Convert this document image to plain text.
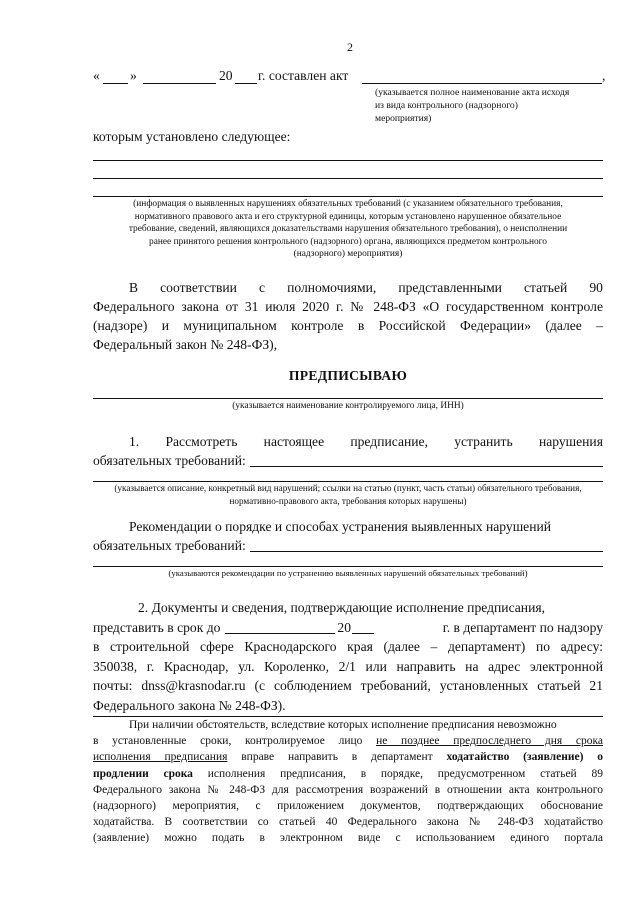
2
« »	20 г. составлен акт	,
(указывается полное наименование акта исходя
из вида контрольного (надзорного)
мероприятия)
которым установлено следующее:
(информация о выявленных нарушениях обязательных требований (с указанием обязательного требования,
нормативного правового акта и его структурной единицы, которым установлено нарушенное обязательное
требование, сведений, являющихся доказательствами нарушения обязательного требования), о неисполнении
ранее принятого решения контрольного (надзорного) органа, являющихся предметом контрольного
(надзорного) мероприятия)
В соответствии с полномочиями, представленными статьей 90
Федерального закона от 31 июля 2020 г. № 248-ФЗ «О государственном контроле
(надзоре) и муниципальном контроле в Российской Федерации» (далее –
Федеральный закон № 248-ФЗ),
ПРЕДПИСЫВАЮ
(указывается наименование контролируемого лица, ИНН)
1. Рассмотреть настоящее предписание, устранить нарушения
обязательных требований:
(указывается описание, конкретный вид нарушений; ссылки на статью (пункт, часть статьи) обязательного требования,
нормативно-правового акта, требования которых нарушены)
Рекомендации о порядке и способах устранения выявленных нарушений
обязательных требований:
(указываются рекомендации по устранению выявленных нарушений обязательных требований)
2. Документы и сведения, подтверждающие исполнение предписания,
представить в срок до	20	г. в департамент по надзору
в строительной сфере Краснодарского края (далее – департамент) по адресу:
350038, г. Краснодар, ул. Короленко, 2/1 или направить на адрес электронной
почты: dnss@krasnodar.ru (с соблюдением требований, установленных статьей 21
Федерального закона № 248-ФЗ).
При наличии обстоятельств, вследствие которых исполнение предписания невозможно
в установленные сроки, контролируемое лицо не позднее предпоследнего дня срока
исполнения предписания вправе направить в департамент ходатайство (заявление) о
продлении срока исполнения предписания, в порядке, предусмотренном статьей 89
Федерального закона № 248-ФЗ для рассмотрения возражений в отношении акта контрольного
(надзорного) мероприятия, с приложением документов, подтверждающих обоснование
ходатайства. В соответствии со статьей 40 Федерального закона № 248-ФЗ ходатайство
(заявление) можно подать в электронном виде с использованием единого портала
